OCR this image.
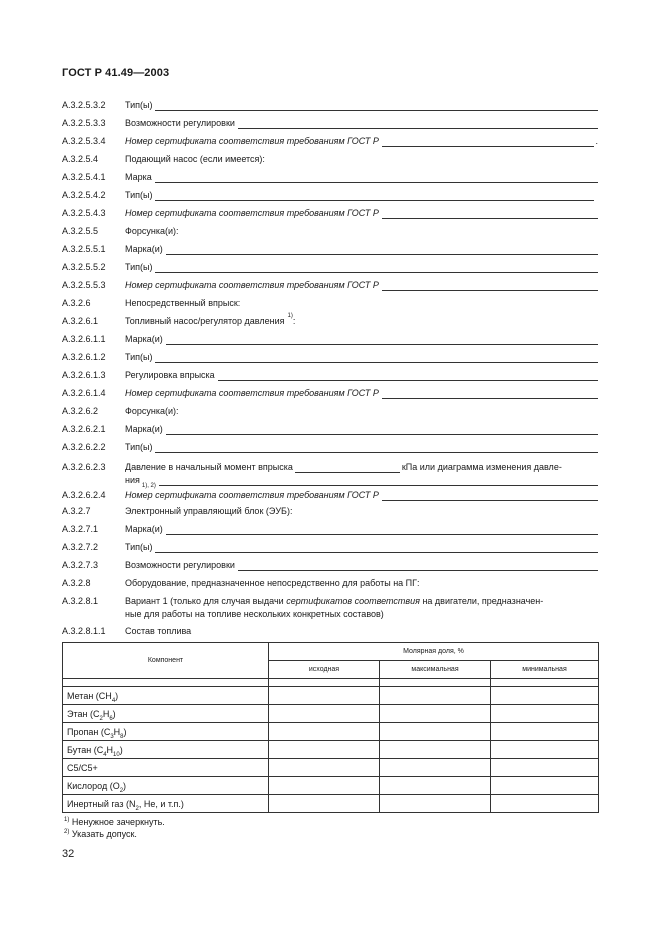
ГОСТ Р 41.49—2003
A.3.2.5.3.2 Тип(ы)
A.3.2.5.3.3 Возможности регулировки
A.3.2.5.3.4 Номер сертификата соответствия требованиям ГОСТ Р	.
A.3.2.5.4	Подающий насос (если имеется):
A.3.2.5.4.1 Марка
A.3.2.5.4.2 Тип(ы)
A.3.2.5.4.3 Номер сертификата соответствия требованиям ГОСТ Р
A.3.2.5.5	Форсунка(и):
A.3.2.5.5.1 Марка(и)
A.3.2.5.5.2 Тип(ы)
A.3.2.5.5.3 Номер сертификата соответствия требованиям ГОСТ Р
A.3.2.6	Непосредственный впрыск:
A.3.2.6.1	Топливный насос/регулятор давления 1) :
A.3.2.6.1.1 Марка(и)
A.3.2.6.1.2 Тип(ы)
A.3.2.6.1.3 Регулировка впрыска
A.3.2.6.1.4 Номер сертификата соответствия требованиям ГОСТ Р
A.3.2.6.2	Форсунка(и):
A.3.2.6.2.1 Марка(и)
A.3.2.6.2.2 Тип(ы)
A.3.2.6.2.3 Давление в начальный момент впрыска	кПа или диаграмма изменения давле-
ния
1), 2)
A.3.2.6.2.4 Номер сертификата соответствия требованиям ГОСТ Р
A.3.2.7	Электронный управляющий блок (ЭУБ):
A.3.2.7.1	Марка(и)
A.3.2.7.2	Тип(ы)
A.3.2.7.3	Возможности регулировки
A.3.2.8	Оборудование, предназначенное непосредственно для работы на ПГ:
A.3.2.8.1	Вариант 1 (только для случая выдачи сертификатов соответствия на двигатели, предназначен-
ные для работы на топливе нескольких конкретных составов)
A.3.2.8.1.1 Состав топлива
Компонент	Молярная доля, %		
	исходная	максимальная	минимальная

Метан $(CH_4)$			
Этан $(C_2H_6)$			
Пропан $(C_3H_8)$			
Бутан $(C_4H_{10})$			
C5/C5+			
Кислород $(O_2)$			
Инертный газ ($N_2$, He, и т.п.)			
$^{1)}$ Ненужное зачеркнуть.
$^{2)}$ Указать допуск.
32
